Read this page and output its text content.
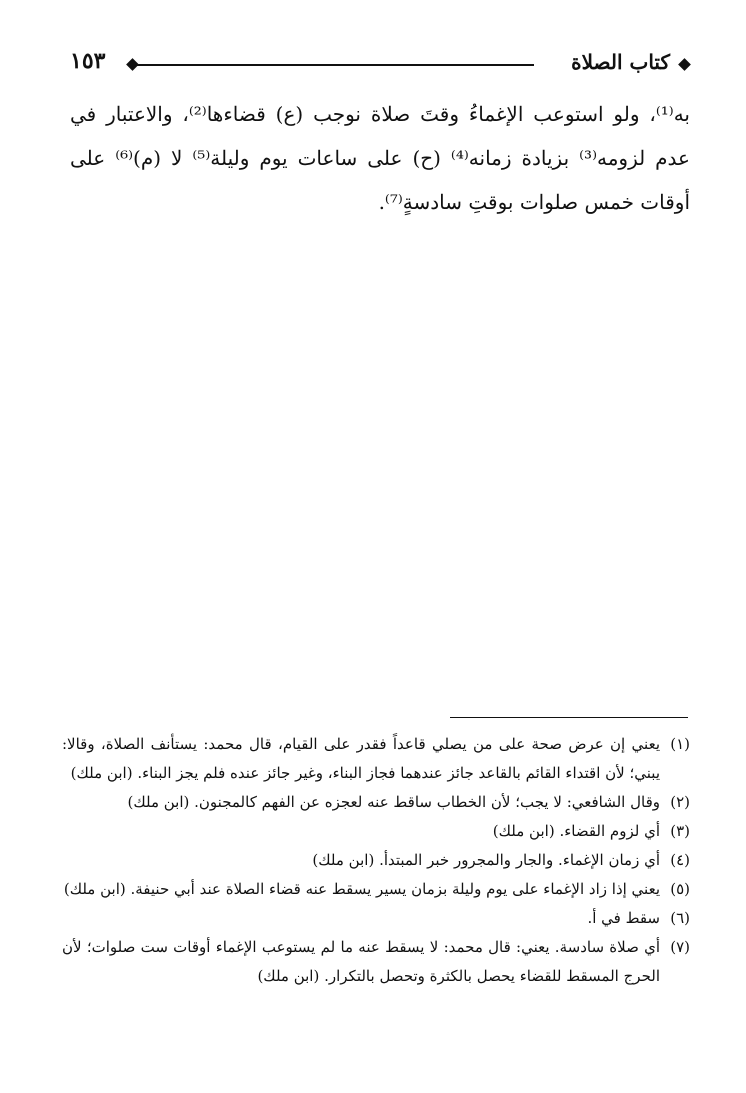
١٥٣	كتاب الصلاة

به⁽¹⁾، ولو استوعب الإغماءُ وقتَ صلاة نوجب (ع) قضاءها⁽²⁾، والاعتبار في عدم لزومه⁽³⁾ بزيادة زمانه⁽⁴⁾ (ح) على ساعات يوم وليلة⁽⁵⁾ لا (م)⁽⁶⁾ على أوقات خمس صلوات بوقتِ سادسةٍ⁽⁷⁾.

(١)
يعني إن عرض صحة على من يصلي قاعداً فقدر على القيام، قال محمد: يستأنف الصلاة، وقالا: يبني؛ لأن اقتداء القائم بالقاعد جائز عندهما فجاز البناء، وغير جائز عنده فلم يجز البناء. (ابن ملك)
(٢)
وقال الشافعي: لا يجب؛ لأن الخطاب ساقط عنه لعجزه عن الفهم كالمجنون. (ابن ملك)
(٣)
أي لزوم القضاء. (ابن ملك)
(٤)
أي زمان الإغماء. والجار والمجرور خبر المبتدأ. (ابن ملك)
(٥)
يعني إذا زاد الإغماء على يوم وليلة بزمان يسير يسقط عنه قضاء الصلاة عند أبي حنيفة. (ابن ملك)
(٦)
سقط في أ.
(٧)
أي صلاة سادسة. يعني: قال محمد: لا يسقط عنه ما لم يستوعب الإغماء أوقات ست صلوات؛ لأن الحرج المسقط للقضاء يحصل بالكثرة وتحصل بالتكرار. (ابن ملك)
